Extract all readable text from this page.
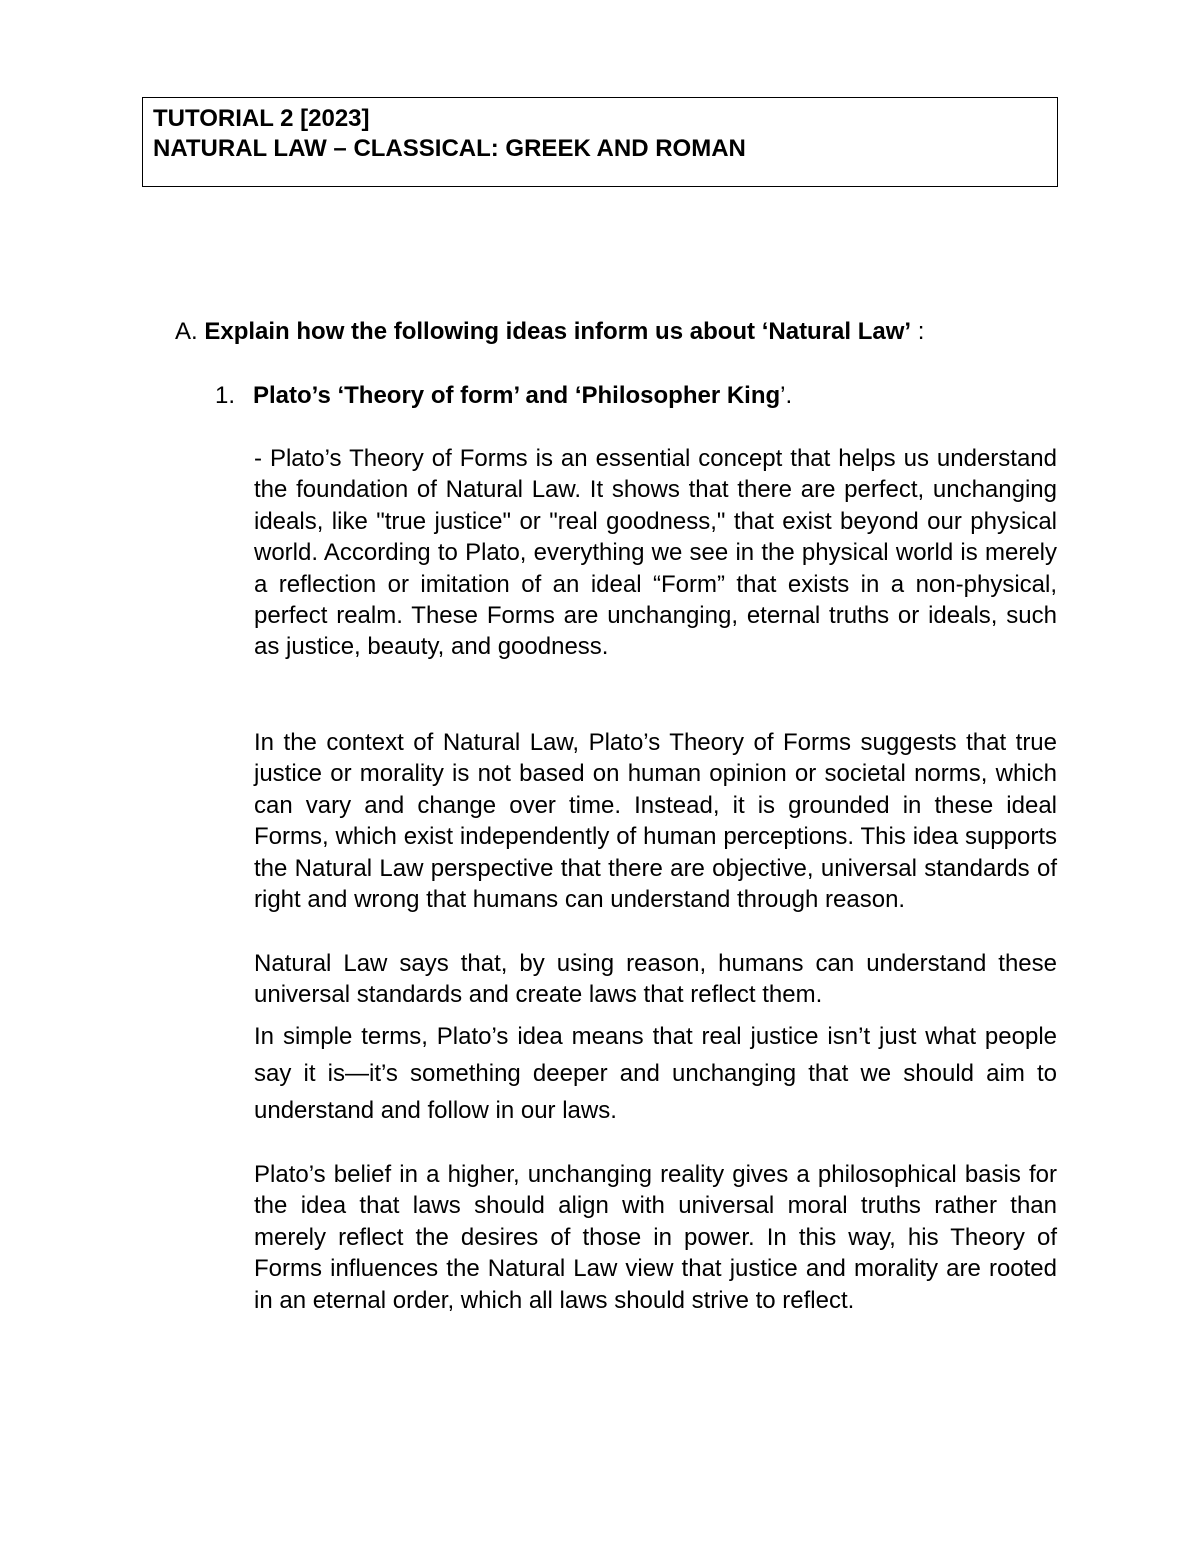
TUTORIAL 2 [2023]
NATURAL LAW – CLASSICAL: GREEK AND ROMAN
A. Explain how the following ideas inform us about ‘Natural Law’ :
1. Plato’s ‘Theory of form’ and ‘Philosopher King’.

- Plato’s Theory of Forms is an essential concept that helps us understand the foundation of Natural Law. It shows that there are perfect, unchanging ideals, like "true justice" or "real goodness," that exist beyond our physical world. According to Plato, everything we see in the physical world is merely a reflection or imitation of an ideal “Form” that exists in a non-physical, perfect realm. These Forms are unchanging, eternal truths or ideals, such as justice, beauty, and goodness.

In the context of Natural Law, Plato’s Theory of Forms suggests that true justice or morality is not based on human opinion or societal norms, which can vary and change over time. Instead, it is grounded in these ideal Forms, which exist independently of human perceptions. This idea supports the Natural Law perspective that there are objective, universal standards of right and wrong that humans can understand through reason.

Natural Law says that, by using reason, humans can understand these universal standards and create laws that reflect them.

In simple terms, Plato’s idea means that real justice isn’t just what people say it is—it’s something deeper and unchanging that we should aim to understand and follow in our laws.

Plato’s belief in a higher, unchanging reality gives a philosophical basis for the idea that laws should align with universal moral truths rather than merely reflect the desires of those in power. In this way, his Theory of Forms influences the Natural Law view that justice and morality are rooted in an eternal order, which all laws should strive to reflect.
